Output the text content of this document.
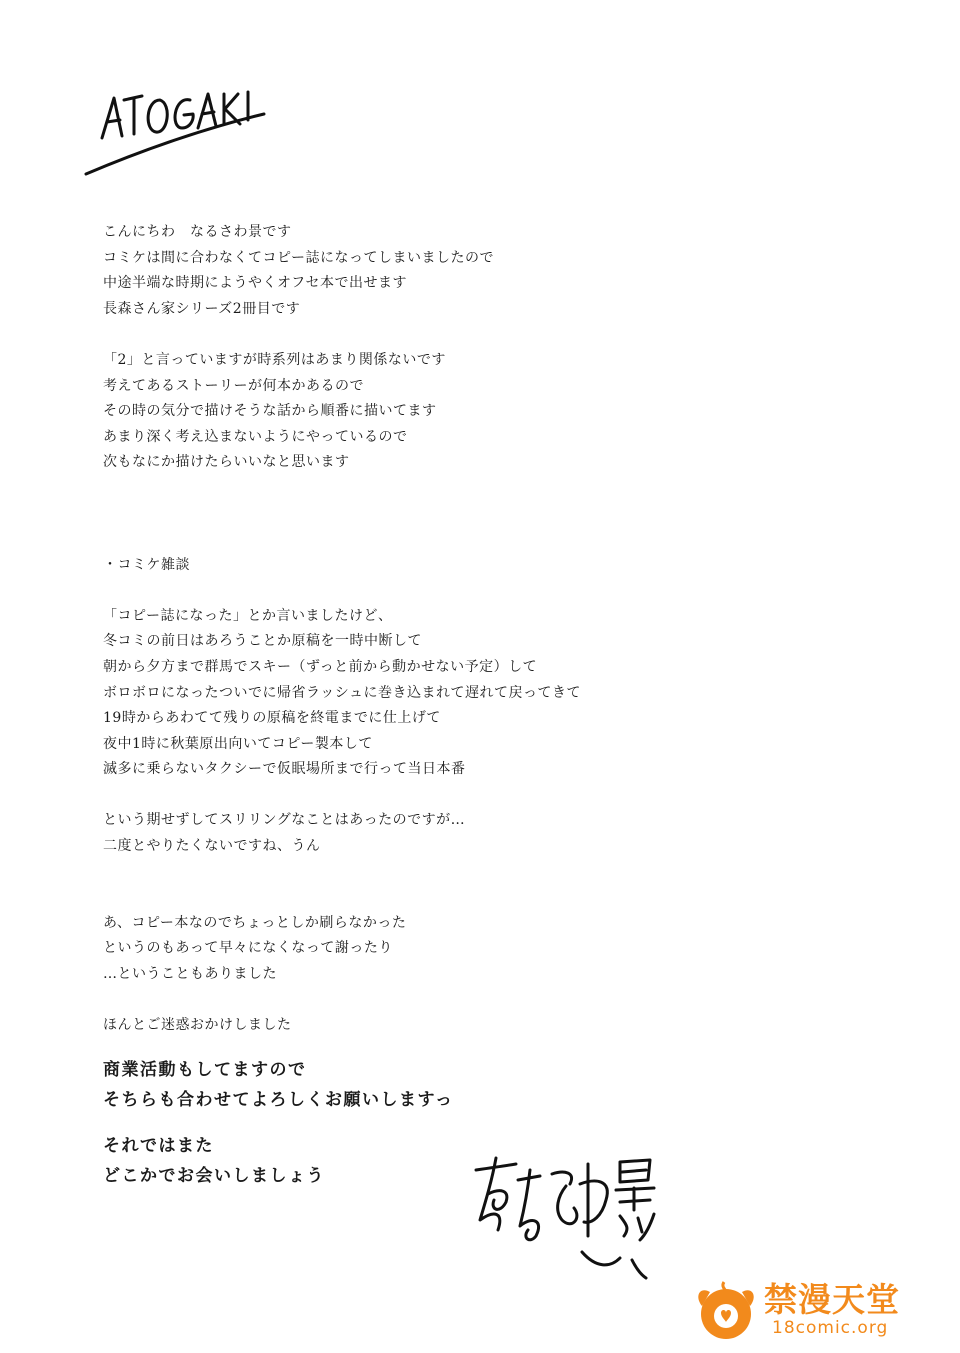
こんにちわ　なるさわ景です
コミケは間に合わなくてコピー誌になってしまいましたので
中途半端な時期にようやくオフセ本で出せます
長森さん家シリーズ2冊目です
「2」と言っていますが時系列はあまり関係ないです
考えてあるストーリーが何本かあるので
その時の気分で描けそうな話から順番に描いてます
あまり深く考え込まないようにやっているので
次もなにか描けたらいいなと思います
・コミケ雑談
「コピー誌になった」とか言いましたけど、
冬コミの前日はあろうことか原稿を一時中断して
朝から夕方まで群馬でスキー（ずっと前から動かせない予定）して
ボロボロになったついでに帰省ラッシュに巻き込まれて遅れて戻ってきて
19時からあわてて残りの原稿を終電までに仕上げて
夜中1時に秋葉原出向いてコピー製本して
滅多に乗らないタクシーで仮眠場所まで行って当日本番
という期せずしてスリリングなことはあったのですが…
二度とやりたくないですね、うん
あ、コピー本なのでちょっとしか刷らなかった
というのもあって早々になくなって謝ったり
…ということもありました
ほんとご迷惑おかけしました
商業活動もしてますので
そちらも合わせてよろしくお願いしますっ
それではまた
どこかでお会いしましょう
禁漫天堂
18comic.org
